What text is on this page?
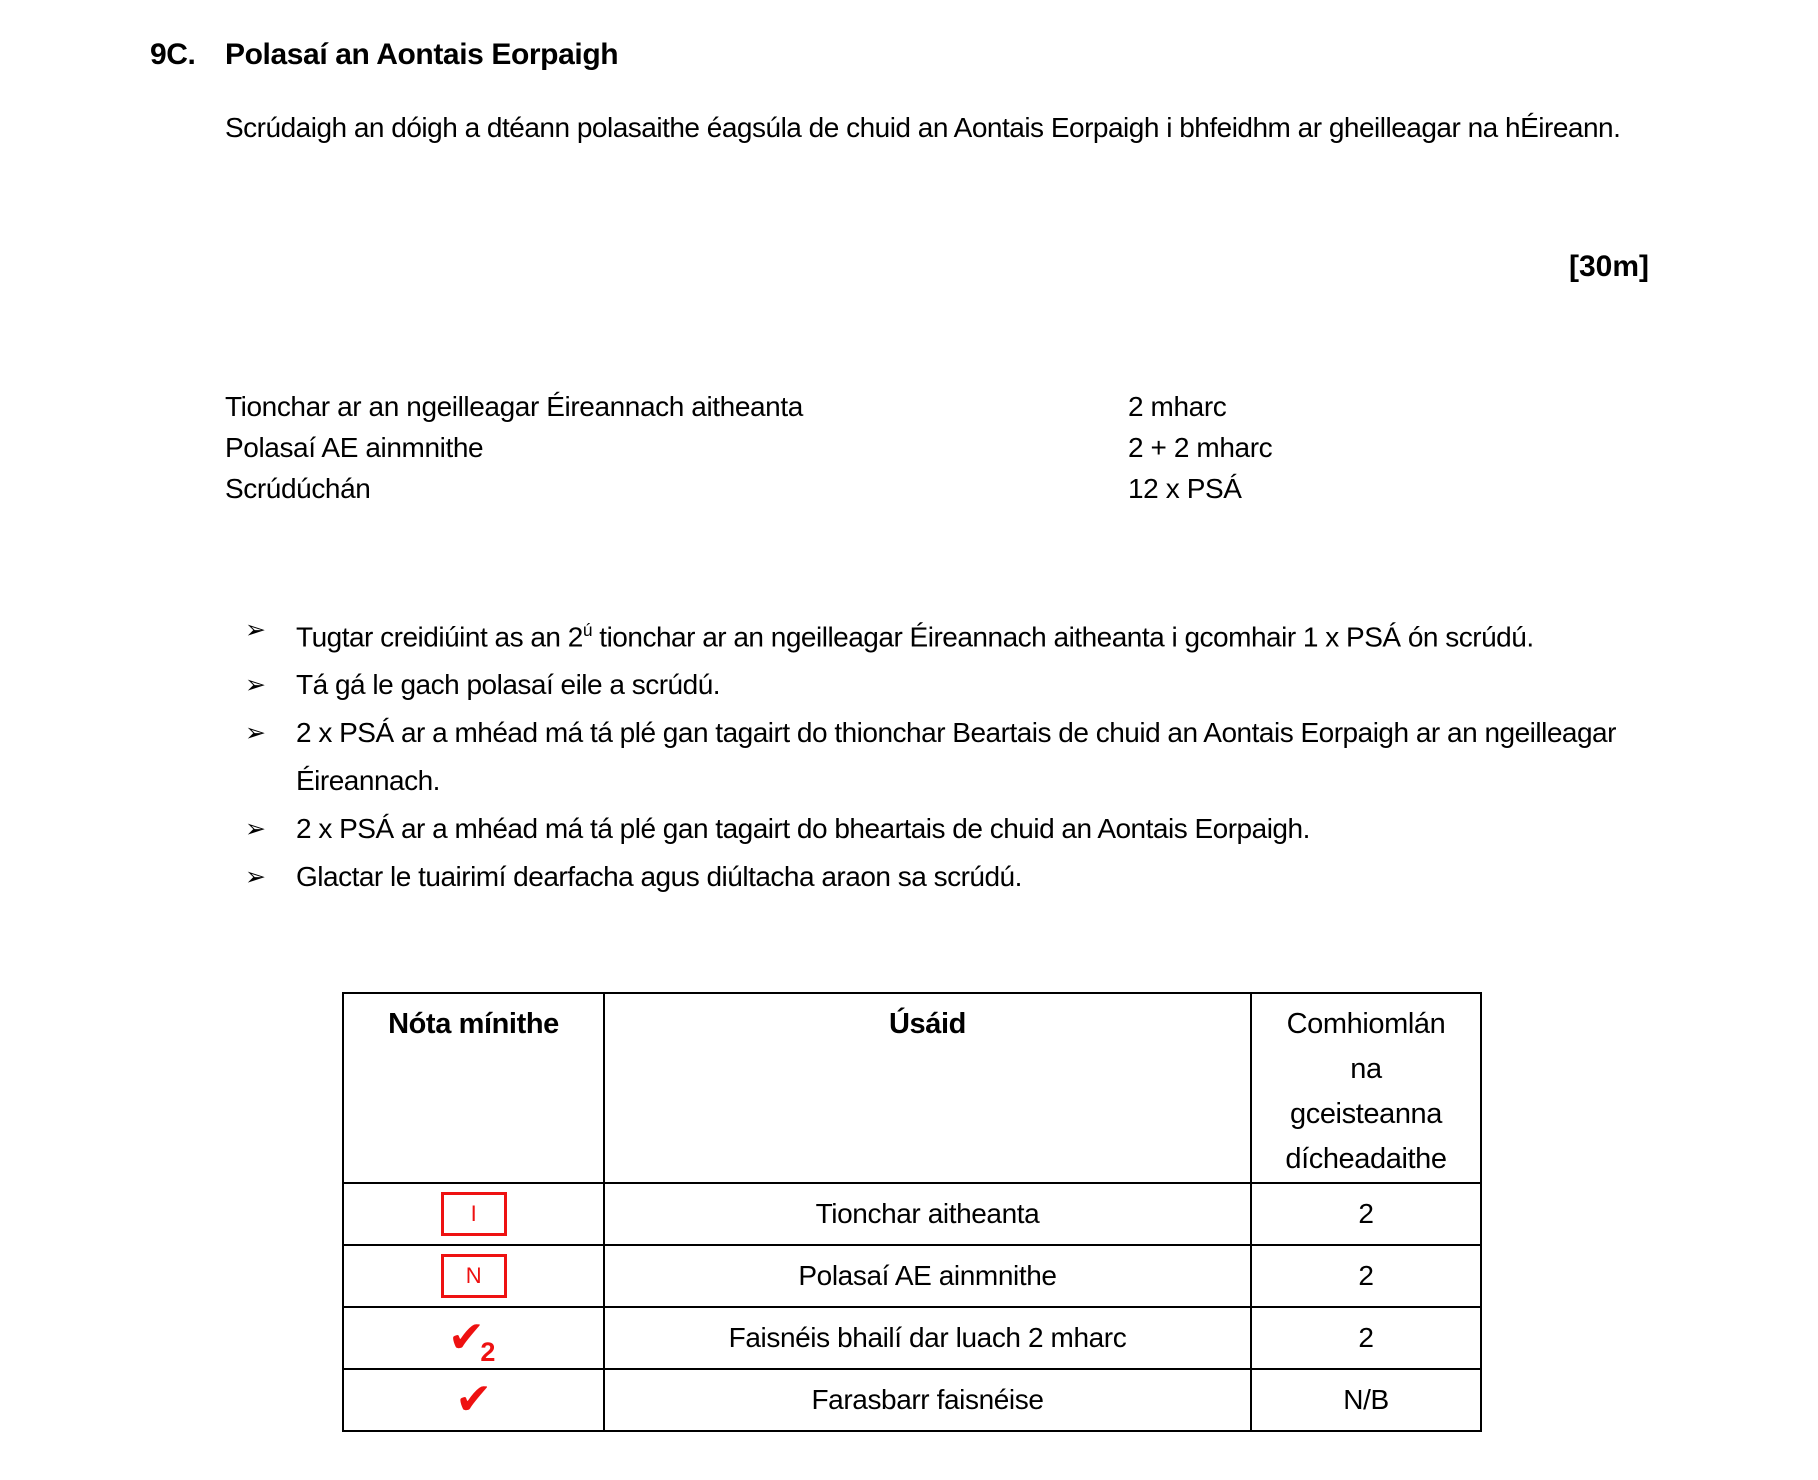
9C. Polasaí an Aontais Eorpaigh
Scrúdaigh an dóigh a dtéann polasaithe éagsúla de chuid an Aontais Eorpaigh i bhfeidhm ar gheilleagar na hÉireann.
[30m]
Tionchar ar an ngeilleagar Éireannach aitheanta	2 mharc
Polasaí AE ainmnithe	2 + 2 mharc
Scrúdúchán	12 x PSÁ
➢	Tugtar creidiúint as an $2^ú$ tionchar ar an ngeilleagar Éireannach aitheanta i gcomhair 1 x PSÁ ón scrúdú.
➢	Tá gá le gach polasaí eile a scrúdú.
➢	2 x PSÁ ar a mhéad má tá plé gan tagairt do thionchar Beartais de chuid an Aontais Eorpaigh ar an ngeilleagar Éireannach.
➢	2 x PSÁ ar a mhéad má tá plé gan tagairt do bheartais de chuid an Aontais Eorpaigh.
➢	Glactar le tuairimí dearfacha agus diúltacha araon sa scrúdú.
Nóta mínithe	Úsáid	Comhiomlán na gceisteanna dícheadaithe

I	Tionchar aitheanta	2

N	Polasaí AE ainmnithe	2
✔2	Faisnéis bhailí dar luach 2 mharc	2
✔	Farasbarr faisnéise	N/B
